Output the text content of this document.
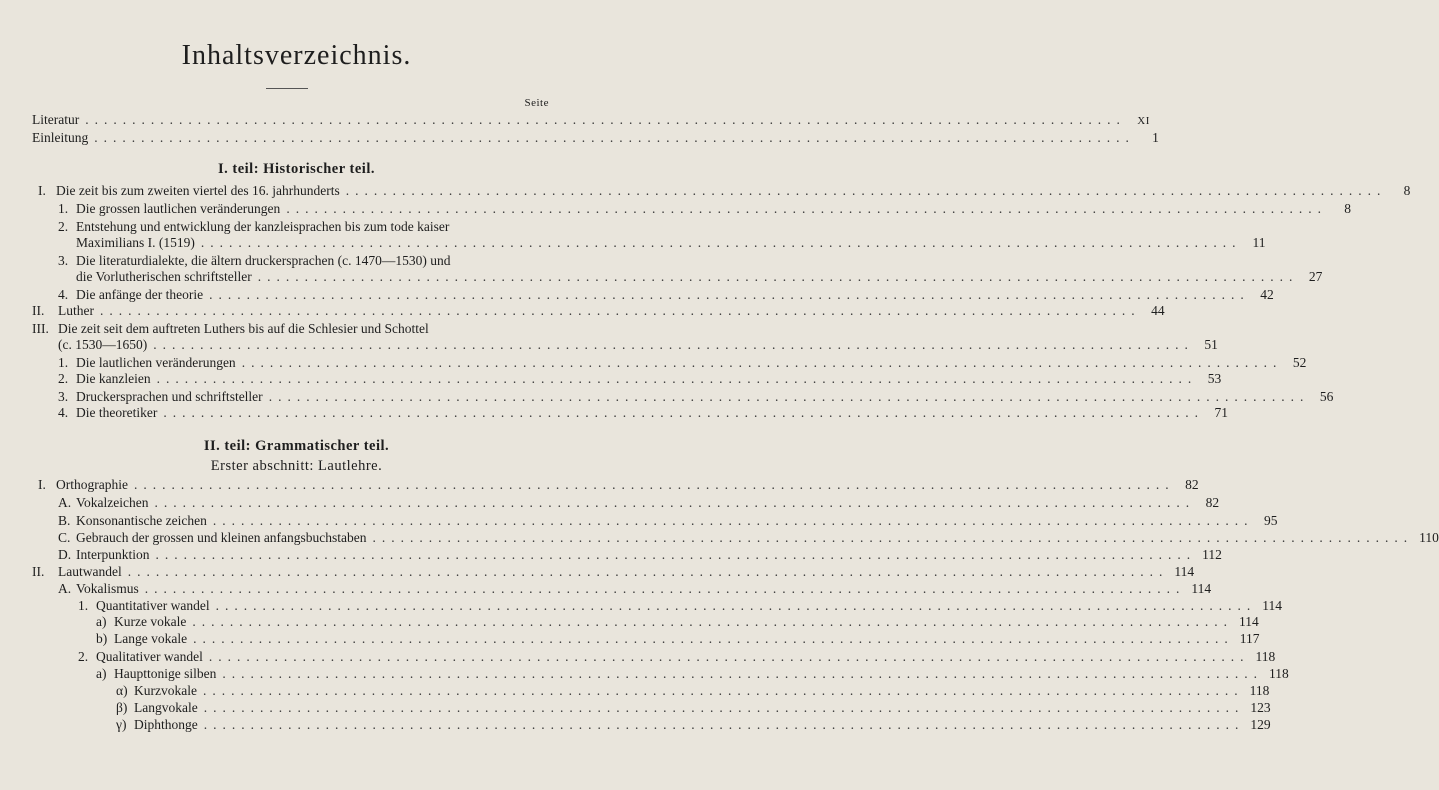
Inhaltsverzeichnis.
Seite
Literatur ...............................................................................................................	XI
Einleitung ...............................................................................................................	1
I. teil: Historischer teil.
I. Die zeit bis zum zweiten viertel des 16. jahrhunderts ...............................................................................................................	8
1. Die grossen lautlichen veränderungen ...............................................................................................................	8
2. Entstehung und entwicklung der kanzleisprachen bis zum tode kaiser
Maximilians I. (1519) ............................................................................................................... 11
3. Die literaturdialekte, die ältern druckersprachen (c. 1470—1530) und
die Vorlutherischen schriftsteller ............................................................................................................... 27
4. Die anfänge der theorie ............................................................................................................... 42
II.	Luther ............................................................................................................... 44
III. Die zeit seit dem auftreten Luthers bis auf die Schlesier und Schottel
(c. 1530—1650) ............................................................................................................... 51
1. Die lautlichen veränderungen ............................................................................................................... 52
2. Die kanzleien ............................................................................................................... 53
3. Druckersprachen und schriftsteller ............................................................................................................... 56
4. Die theoretiker ............................................................................................................... 71
II. teil: Grammatischer teil.
Erster abschnitt: Lautlehre.
I. Orthographie ............................................................................................................... 82
A. Vokalzeichen ............................................................................................................... 82
B. Konsonantische zeichen ............................................................................................................... 95
C. Gebrauch der grossen und kleinen anfangsbuchstaben ............................................................................................................... 110
D. Interpunktion ............................................................................................................... 112
II.	Lautwandel ............................................................................................................... 114
A. Vokalismus ............................................................................................................... 114
1. Quantitativer wandel ............................................................................................................... 114
a) Kurze vokale ............................................................................................................... 114
b) Lange vokale ............................................................................................................... 117
2. Qualitativer wandel ............................................................................................................... 118
a) Haupttonige silben ............................................................................................................... 118
α) Kurzvokale ............................................................................................................... 118
β) Langvokale ............................................................................................................... 123
γ) Diphthonge ............................................................................................................... 129
